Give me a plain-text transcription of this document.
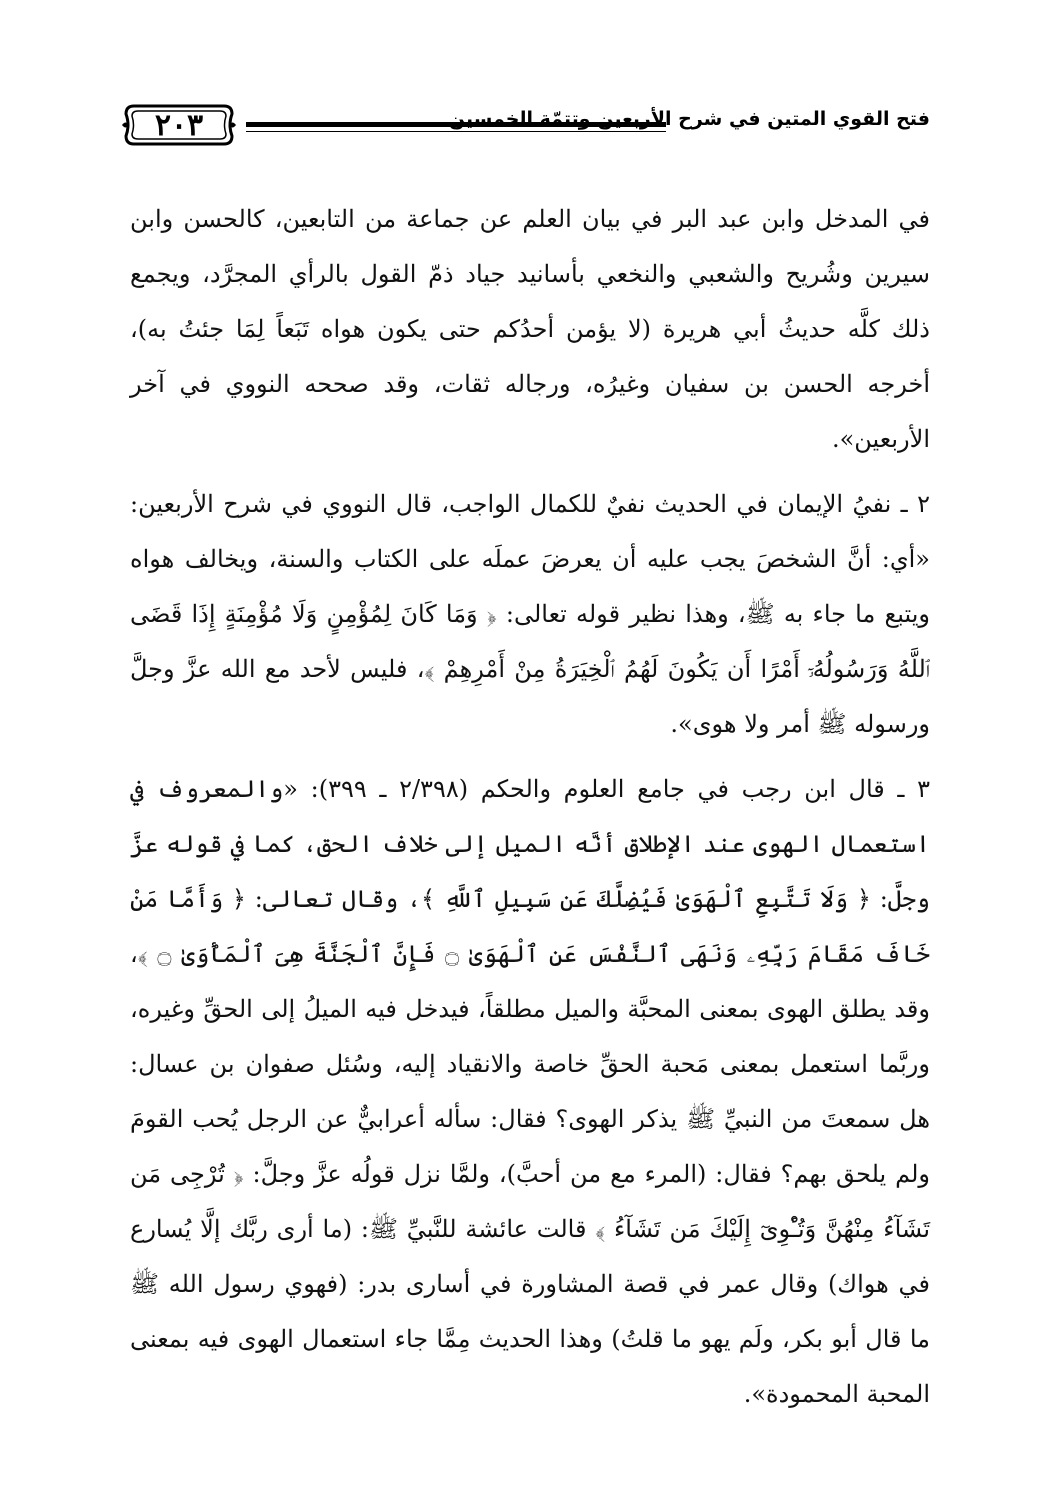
٢٠٣	فتح القوي المتين في شرح الأربعين وتتمّة الخمسين

في المدخل وابن عبد البر في بيان العلم عن جماعة من التابعين، كالحسن وابن سيرين وشُريح والشعبي والنخعي بأسانيد جياد ذمّ القول بالرأي المجرَّد، ويجمع ذلك كلَّه حديثُ أبي هريرة (لا يؤمن أحدُكم حتى يكون هواه تَبَعاً لِمَا جئتُ به)، أخرجه الحسن بن سفيان وغيرُه، ورجاله ثقات، وقد صححه النووي في آخر الأربعين».

٢ ـ نفيُ الإيمان في الحديث نفيٌ للكمال الواجب، قال النووي في شرح الأربعين: «أي: أنَّ الشخصَ يجب عليه أن يعرضَ عملَه على الكتاب والسنة، ويخالف هواه ويتبع ما جاء به ﷺ، وهذا نظير قوله تعالى: ﴿ وَمَا كَانَ لِمُؤْمِنٍ وَلَا مُؤْمِنَةٍ إِذَا قَضَى ٱللَّهُ وَرَسُولُهُۥٓ أَمْرًا أَن يَكُونَ لَهُمُ ٱلْخِيَرَةُ مِنْ أَمْرِهِمْ ﴾، فليس لأحد مع الله عزَّ وجلَّ ورسوله ﷺ أمر ولا هوى».

٣ ـ قال ابن رجب في جامع العلوم والحكم (٢/٣٩٨ ـ ٣٩٩): «والمعروف في استعمال الهوى عند الإطلاق أنَّه الميل إلى خلاف الحق، كما في قوله عزَّ وجلَّ: ﴿ وَلَا تَتَّبِعِ ٱلْهَوَىٰ فَيُضِلَّكَ عَن سَبِيلِ ٱللَّهِ ﴾، وقال تعالى: ﴿ وَأَمَّا مَنْ خَافَ مَقَامَ رَبِّهِۦ وَنَهَى ٱلنَّفْسَ عَنِ ٱلْهَوَىٰ ۝ فَإِنَّ ٱلْجَنَّةَ هِىَ ٱلْمَأْوَىٰ ۝ ﴾، وقد يطلق الهوى بمعنى المحبَّة والميل مطلقاً، فيدخل فيه الميلُ إلى الحقِّ وغيره، وربَّما استعمل بمعنى مَحبة الحقِّ خاصة والانقياد إليه، وسُئل صفوان بن عسال: هل سمعتَ من النبيِّ ﷺ يذكر الهوى؟ فقال: سأله أعرابيٌّ عن الرجل يُحب القومَ ولم يلحق بهم؟ فقال: (المرء مع من أحبَّ)، ولمَّا نزل قولُه عزَّ وجلَّ: ﴿ تُرْجِى مَن تَشَآءُ مِنْهُنَّ وَتُـْٔوِىٓ إِلَيْكَ مَن تَشَآءُ ﴾ قالت عائشة للنَّبيِّ ﷺ: (ما أرى ربَّك إلَّا يُسارع في هواك) وقال عمر في قصة المشاورة في أسارى بدر: (فهوي رسول الله ﷺ ما قال أبو بكر، ولَم يهو ما قلتُ) وهذا الحديث مِمَّا جاء استعمال الهوى فيه بمعنى المحبة المحمودة».
